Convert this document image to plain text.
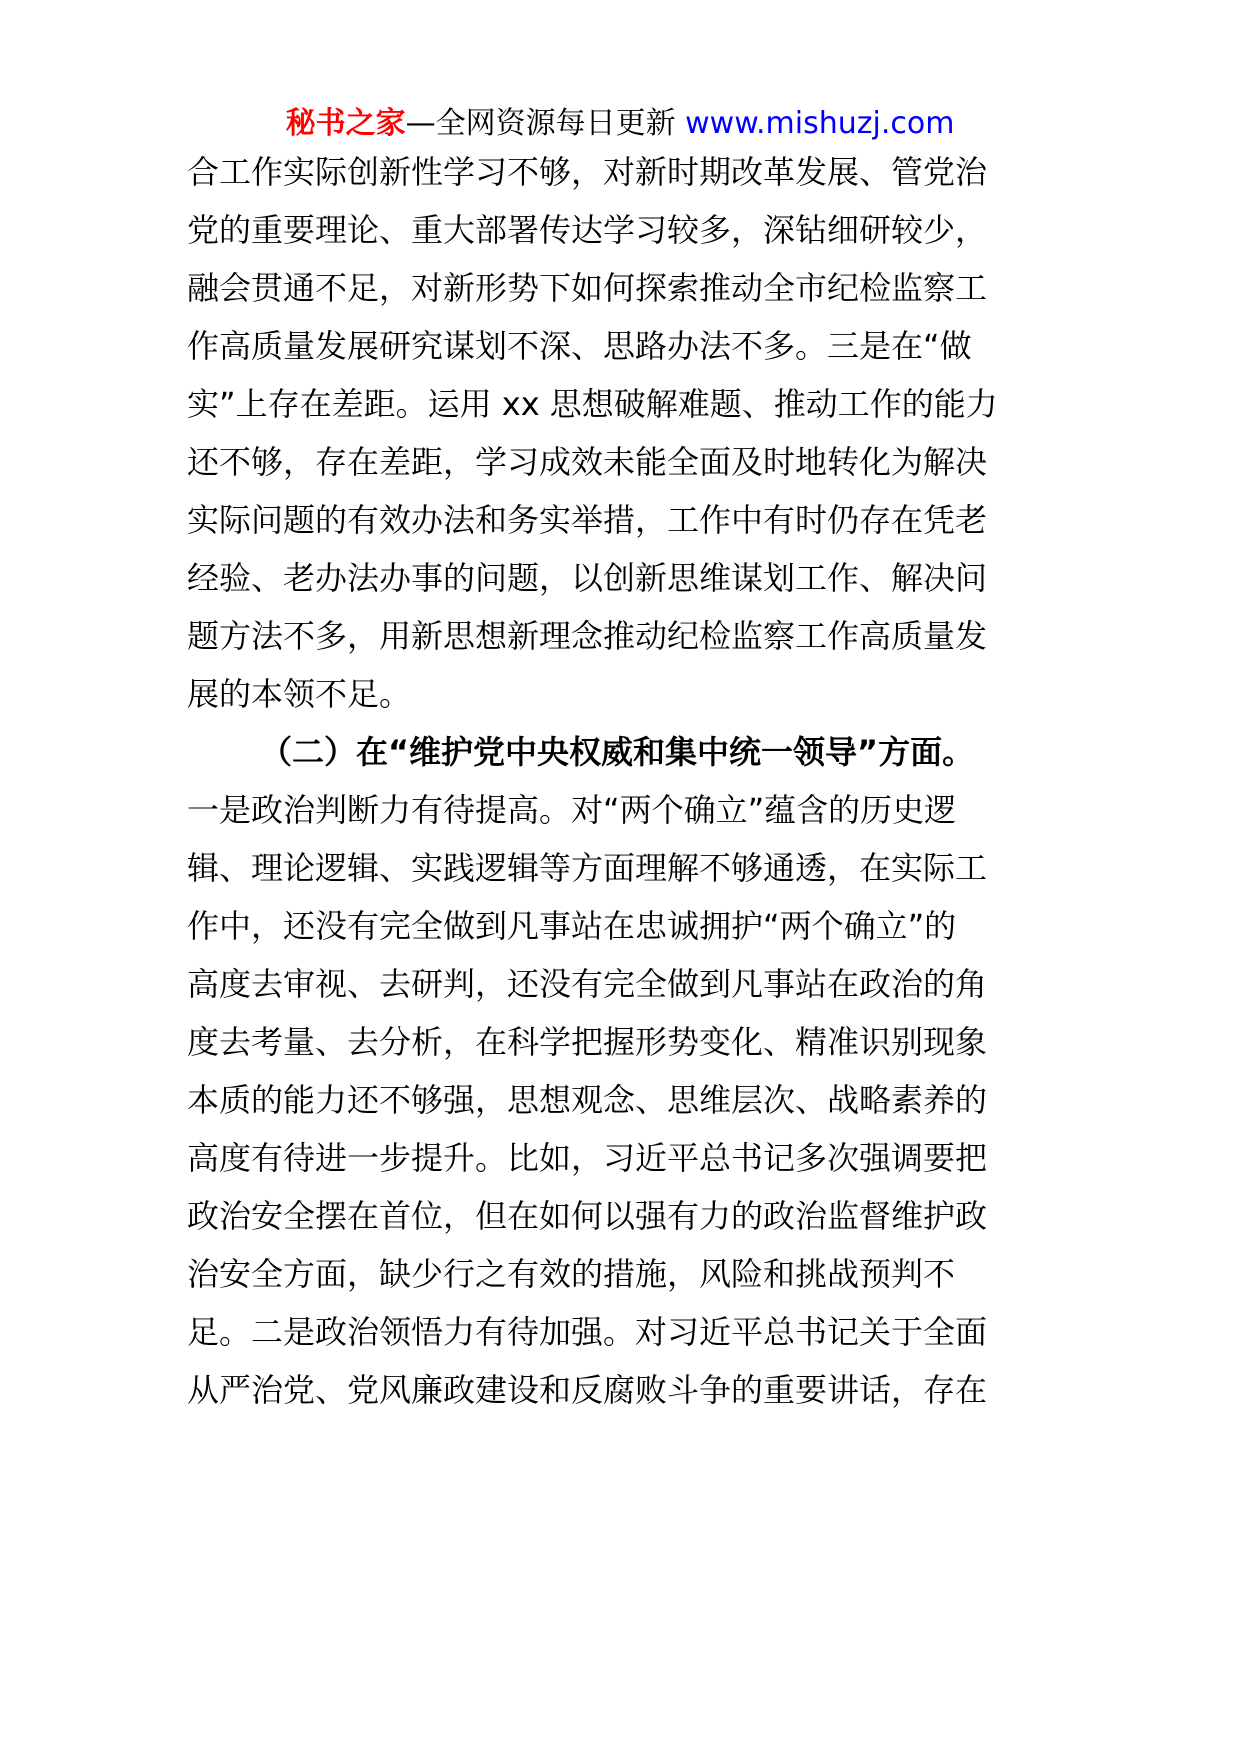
秘书之家—全网资源每日更新 www.mishuzj.com
合工作实际创新性学习不够，对新时期改革发展、管党治
党的重要理论、重大部署传达学习较多，深钻细研较少，
融会贯通不足，对新形势下如何探索推动全市纪检监察工
作高质量发展研究谋划不深、思路办法不多。三是在“做
实”上存在差距。运用 xx 思想破解难题、推动工作的能力
还不够，存在差距，学习成效未能全面及时地转化为解决
实际问题的有效办法和务实举措，工作中有时仍存在凭老
经验、老办法办事的问题，以创新思维谋划工作、解决问
题方法不多，用新思想新理念推动纪检监察工作高质量发
展的本领不足。
（二）在“维护党中央权威和集中统一领导”方面。
一是政治判断力有待提高。对“两个确立”蕴含的历史逻
辑、理论逻辑、实践逻辑等方面理解不够通透，在实际工
作中，还没有完全做到凡事站在忠诚拥护“两个确立”的
高度去审视、去研判，还没有完全做到凡事站在政治的角
度去考量、去分析，在科学把握形势变化、精准识别现象
本质的能力还不够强，思想观念、思维层次、战略素养的
高度有待进一步提升。比如，习近平总书记多次强调要把
政治安全摆在首位，但在如何以强有力的政治监督维护政
治安全方面，缺少行之有效的措施，风险和挑战预判不
足。二是政治领悟力有待加强。对习近平总书记关于全面
从严治党、党风廉政建设和反腐败斗争的重要讲话，存在
